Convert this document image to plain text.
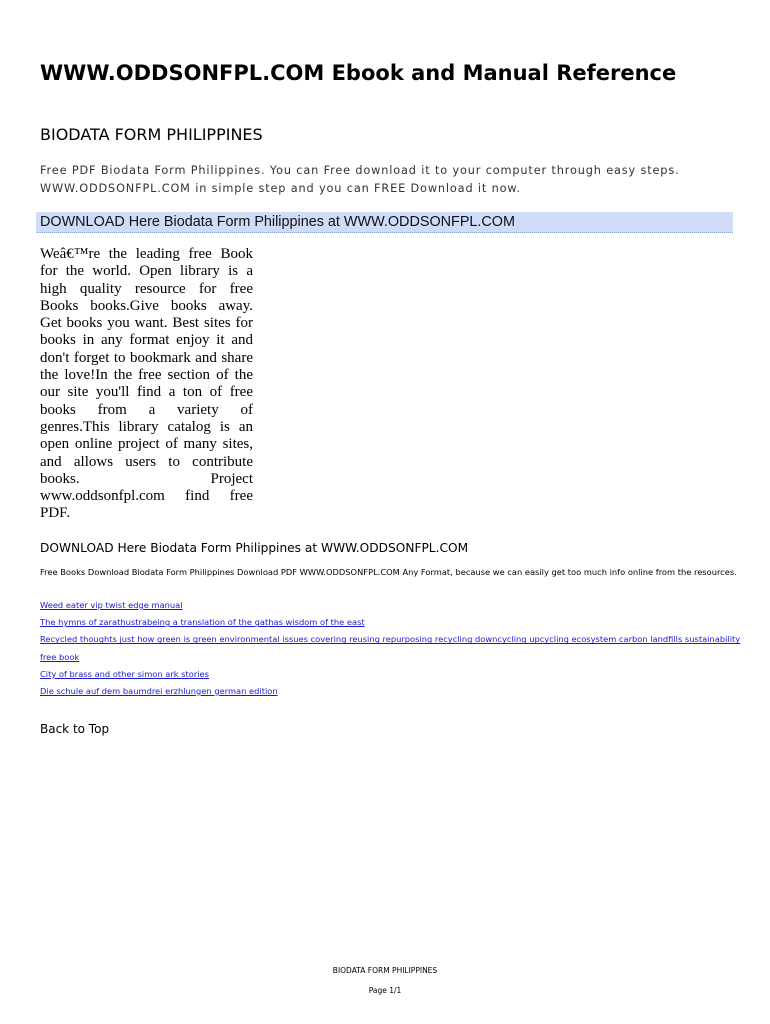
WWW.ODDSONFPL.COM Ebook and Manual Reference
BIODATA FORM PHILIPPINES

Free PDF Biodata Form Philippines. You can Free download it to your computer through easy steps. WWW.ODDSONFPL.COM in simple step and you can FREE Download it now.

DOWNLOAD Here Biodata Form Philippines at WWW.ODDSONFPL.COM

Weâ€™re the leading free Book for the world. Open library is a high quality resource for free Books books.Give books away. Get books you want. Best sites for books in any format enjoy it and don't forget to bookmark and share the love!In the free section of the our site you'll find a ton of free books from a variety of genres.This library catalog is an open online project of many sites, and allows users to contribute books. Project www.oddsonfpl.com find free PDF.

DOWNLOAD Here Biodata Form Philippines at WWW.ODDSONFPL.COM
Free Books Download Biodata Form Philippines Download PDF WWW.ODDSONFPL.COM Any Format, because we can easily get too much info online from the resources.
Weed eater vip twist edge manual
The hymns of zarathustrabeing a translation of the gathas wisdom of the east
Recycled thoughts just how green is green environmental issues covering reusing repurposing recycling downcycling upcycling ecosystem carbon landfills sustainability
free book
City of brass and other simon ark stories
Die schule auf dem baumdrei erzhlungen german edition
Back to Top
BIODATA FORM PHILIPPINES
Page 1/1
